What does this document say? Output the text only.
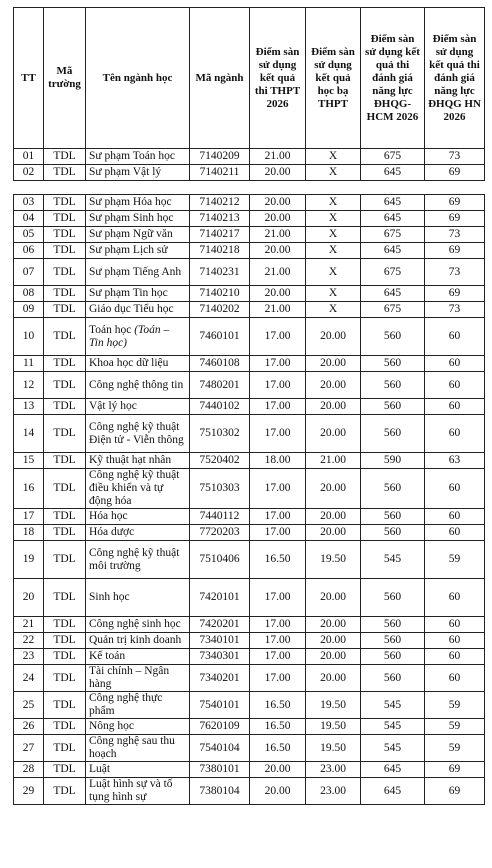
TT	Mã trường	Tên ngành học	Mã ngành	Điểm sàn sử dụng kết quả thi THPT 2026	Điểm sàn sử dụng kết quả học bạ THPT	Điểm sàn sử dụng kết quả thi đánh giá năng lực ĐHQG-HCM 2026	Điểm sàn sử dụng kết quả thi đánh giá năng lực ĐHQG HN 2026
01	TDL	Sư phạm Toán học	7140209	21.00	X	675	73
02	TDL	Sư phạm Vật lý	7140211	20.00	X	645	69
03	TDL	Sư phạm Hóa học	7140212	20.00	X	645	69
04	TDL	Sư phạm Sinh học	7140213	20.00	X	645	69
05	TDL	Sư phạm Ngữ văn	7140217	21.00	X	675	73
06	TDL	Sư phạm Lịch sử	7140218	20.00	X	645	69
07	TDL	Sư phạm Tiếng Anh	7140231	21.00	X	675	73
08	TDL	Sư phạm Tin học	7140210	20.00	X	645	69
09	TDL	Giáo dục Tiểu học	7140202	21.00	X	675	73
10	TDL	Toán học (Toán – Tin học)	7460101	17.00	20.00	560	60
11	TDL	Khoa học dữ liệu	7460108	17.00	20.00	560	60
12	TDL	Công nghệ thông tin	7480201	17.00	20.00	560	60
13	TDL	Vật lý học	7440102	17.00	20.00	560	60
14	TDL	Công nghệ kỹ thuật Điện tử - Viễn thông	7510302	17.00	20.00	560	60
15	TDL	Kỹ thuật hạt nhân	7520402	18.00	21.00	590	63
16	TDL	Công nghệ kỹ thuật điều khiển và tự động hóa	7510303	17.00	20.00	560	60
17	TDL	Hóa học	7440112	17.00	20.00	560	60
18	TDL	Hóa dược	7720203	17.00	20.00	560	60
19	TDL	Công nghệ kỹ thuật môi trường	7510406	16.50	19.50	545	59
20	TDL	Sinh học	7420101	17.00	20.00	560	60
21	TDL	Công nghệ sinh học	7420201	17.00	20.00	560	60
22	TDL	Quản trị kinh doanh	7340101	17.00	20.00	560	60
23	TDL	Kế toán	7340301	17.00	20.00	560	60
24	TDL	Tài chính – Ngân hàng	7340201	17.00	20.00	560	60
25	TDL	Công nghệ thực phẩm	7540101	16.50	19.50	545	59
26	TDL	Nông học	7620109	16.50	19.50	545	59
27	TDL	Công nghệ sau thu hoạch	7540104	16.50	19.50	545	59
28	TDL	Luật	7380101	20.00	23.00	645	69
29	TDL	Luật hình sự và tố tụng hình sự	7380104	20.00	23.00	645	69
